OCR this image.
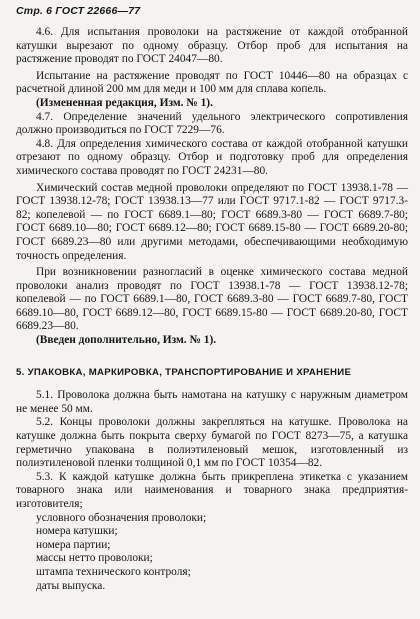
Стр. 6 ГОСТ 22666—77

4.6. Для испытания проволоки на растяжение от каждой отобранной катушки вырезают по одному образцу. Отбор проб для испытания на растяжение проводят по ГОСТ 24047—80.

Испытание на растяжение проводят по ГОСТ 10446—80 на образцах с расчетной длиной 200 мм для меди и 100 мм для сплава копель.

(Измененная редакция, Изм. № 1).

4.7. Определение значений удельного электрического сопротивления должно производиться по ГОСТ 7229—76.

4.8. Для определения химического состава от каждой отобранной катушки отрезают по одному образцу. Отбор и подготовку проб для определения химического состава проводят по ГОСТ 24231—80.

Химический состав медной проволоки определяют по ГОСТ 13938.1-78 — ГОСТ 13938.12-78; ГОСТ 13938.13—77 или ГОСТ 9717.1-82 — ГОСТ 9717.3-82; копелевой — по ГОСТ 6689.1—80; ГОСТ 6689.3-80 — ГОСТ 6689.7-80; ГОСТ 6689.10—80; ГОСТ 6689.12—80; ГОСТ 6689.15-80 — ГОСТ 6689.20-80; ГОСТ 6689.23—80 или другими методами, обеспечивающими необходимую точность определения.

При возникновении разногласий в оценке химического состава медной проволоки анализ проводят по ГОСТ 13938.1-78 — ГОСТ 13938.12-78; копелевой — по ГОСТ 6689.1—80, ГОСТ 6689.3-80 — ГОСТ 6689.7-80, ГОСТ 6689.10—80, ГОСТ 6689.12—80, ГОСТ 6689.15-80 — ГОСТ 6689.20-80, ГОСТ 6689.23—80.

(Введен дополнительно, Изм. № 1).

5. УПАКОВКА, МАРКИРОВКА, ТРАНСПОРТИРОВАНИЕ И ХРАНЕНИЕ

5.1. Проволока должна быть намотана на катушку с наружным диаметром не менее 50 мм.

5.2. Концы проволоки должны закрепляться на катушке. Проволока на катушке должна быть покрыта сверху бумагой по ГОСТ 8273—75, а катушка герметично упакована в полиэтиленовый мешок, изготовленный из полиэтиленовой пленки толщиной 0,1 мм по ГОСТ 10354—82.

5.3. К каждой катушке должна быть прикреплена этикетка с указанием товарного знака или наименования и товарного знака предприятия-изготовителя;

условного обозначения проволоки;

номера катушки;

номера партии;

массы нетто проволоки;

штампа технического контроля;

даты выпуска.
